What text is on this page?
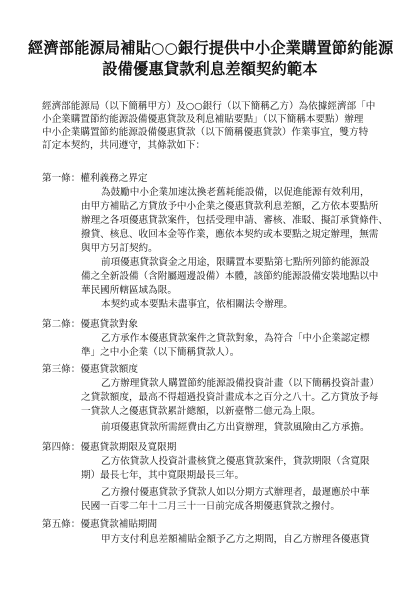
經濟部能源局補貼○○銀行提供中小企業購置節約能源
設備優惠貸款利息差額契約範本
經濟部能源局（以下簡稱甲方）及○○銀行（以下簡稱乙方）為依據經濟部「中
小企業購置節約能源設備優惠貸款及利息補貼要點」（以下簡稱本要點）辦理
中小企業購置節約能源設備優惠貸款（以下簡稱優惠貸款）作業事宜，雙方特
訂定本契約，共同遵守，其條款如下：
第一條：權利義務之界定
為鼓勵中小企業加速汰換老舊耗能設備，以促進能源有效利用，
由甲方補貼乙方貸放予中小企業之優惠貸款利息差額，乙方依本要點所
辦理之各項優惠貸款案件，包括受理申請、審核、准駁、擬訂承貸條件、
撥貸、核息、收回本金等作業，應依本契約或本要點之規定辦理，無需
與甲方另訂契約。
前項優惠貸款資金之用途，限購置本要點第七點所列節約能源設
備之全新設備（含附屬週邊設備）本體，該節約能源設備安裝地點以中
華民國所轄區域為限。
本契約或本要點未盡事宜，依相關法令辦理。
第二條：優惠貸款對象
乙方承作本優惠貸款案件之貸款對象，為符合「中小企業認定標
準」之中小企業（以下簡稱貸款人）。
第三條：優惠貸款額度
乙方辦理貸款人購置節約能源設備投資計畫（以下簡稱投資計畫）
之貸款額度，最高不得超過投資計畫成本之百分之八十。乙方貸放予每
一貸款人之優惠貸款累計總額，以新臺幣二億元為上限。
前項優惠貸款所需經費由乙方出資辦理，貸款風險由乙方承擔。
第四條：優惠貸款期限及寬限期
乙方依貸款人投資計畫核貸之優惠貸款案件，貸款期限（含寬限
期）最長七年，其中寬限期最長三年。
乙方撥付優惠貸款予貸款人如以分期方式辦理者，最遲應於中華
民國一百零二年十二月三十一日前完成各期優惠貸款之撥付。
第五條：優惠貸款補貼期間
甲方支付利息差額補貼金額予乙方之期間，自乙方辦理各優惠貸
